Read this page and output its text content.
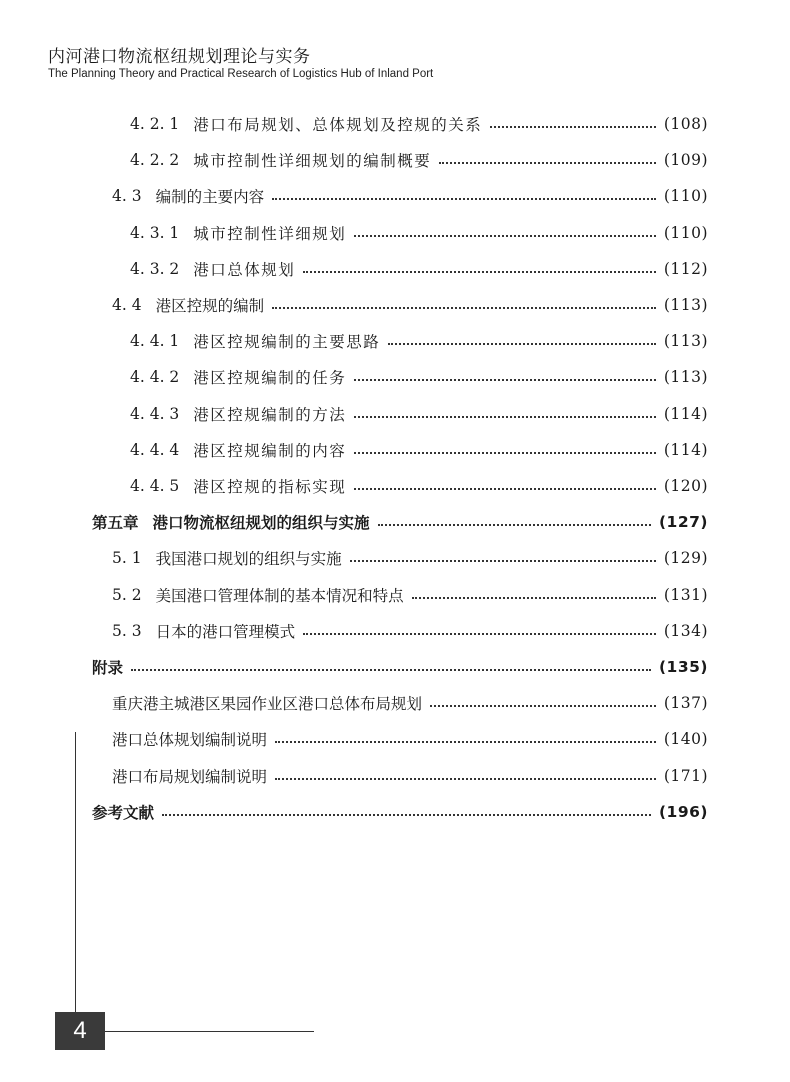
内河港口物流枢纽规划理论与实务
The Planning Theory and Practical Research of Logistics Hub of Inland Port
4. 2. 1 港口布局规划、总体规划及控规的关系	(108)
4. 2. 2 城市控制性详细规划的编制概要	(109)
4. 3 编制的主要内容	(110)
4. 3. 1 城市控制性详细规划	(110)
4. 3. 2 港口总体规划	(112)
4. 4 港区控规的编制	(113)
4. 4. 1 港区控规编制的主要思路	(113)
4. 4. 2 港区控规编制的任务	(113)
4. 4. 3 港区控规编制的方法	(114)
4. 4. 4 港区控规编制的内容	(114)
4. 4. 5 港区控规的指标实现	(120)
第五章 港口物流枢纽规划的组织与实施	(127)
5. 1 我国港口规划的组织与实施	(129)
5. 2 美国港口管理体制的基本情况和特点	(131)
5. 3 日本的港口管理模式	(134)
附录	(135)
重庆港主城港区果园作业区港口总体布局规划	(137)
港口总体规划编制说明	(140)
港口布局规划编制说明	(171)
参考文献	(196)
4
